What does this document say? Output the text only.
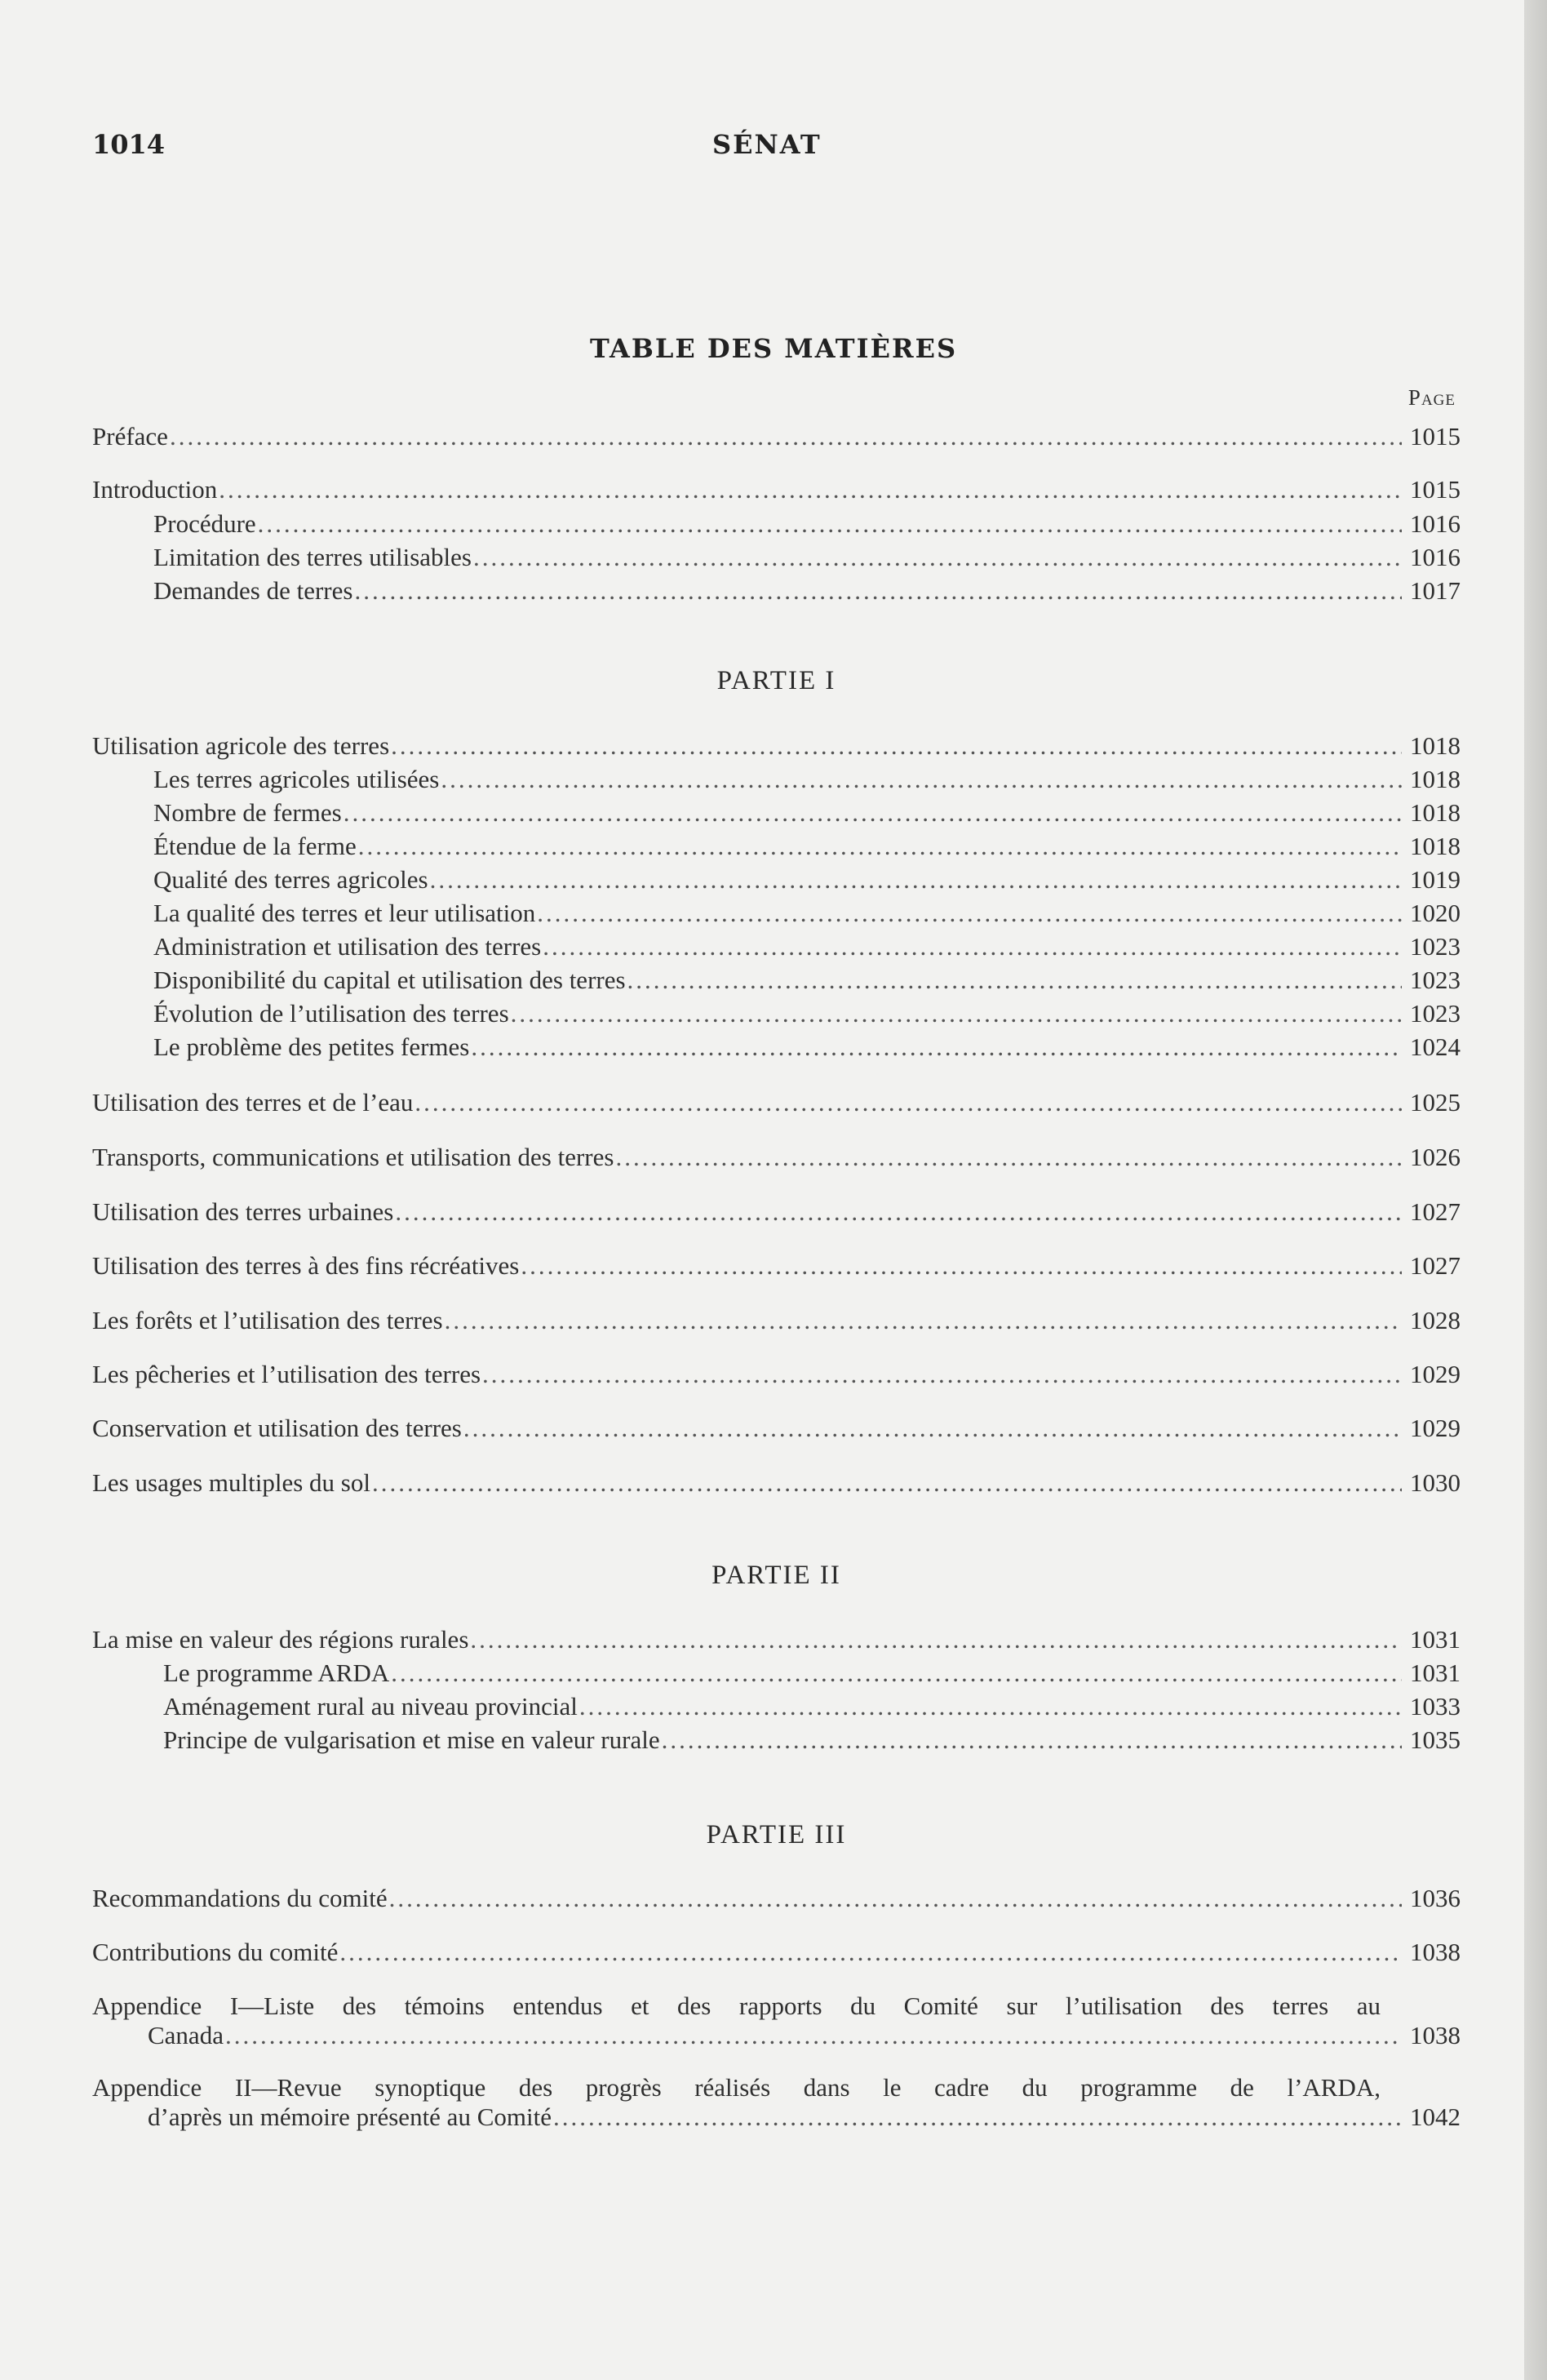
1014	SÉNAT
TABLE DES MATIÈRES
Page
Préface .....	1015
Introduction .....	1015
Procédure .....	1016
Limitation des terres utilisables .....	1016
Demandes de terres .....	1017
PARTIE I
Utilisation agricole des terres .....	1018
Les terres agricoles utilisées .....	1018
Nombre de fermes .....	1018
Étendue de la ferme .....	1018
Qualité des terres agricoles .....	1019
La qualité des terres et leur utilisation .....	1020
Administration et utilisation des terres .....	1023
Disponibilité du capital et utilisation des terres .....	1023
Évolution de l’utilisation des terres .....	1023
Le problème des petites fermes .....	1024
Utilisation des terres et de l’eau .....	1025
Transports, communications et utilisation des terres .....	1026
Utilisation des terres urbaines .....	1027
Utilisation des terres à des fins récréatives .....	1027
Les forêts et l’utilisation des terres .....	1028
Les pêcheries et l’utilisation des terres .....	1029
Conservation et utilisation des terres .....	1029
Les usages multiples du sol .....	1030
PARTIE II
La mise en valeur des régions rurales .....	1031
Le programme ARDA .....	1031
Aménagement rural au niveau provincial .....	1033
Principe de vulgarisation et mise en valeur rurale .....	1035
PARTIE III
Recommandations du comité .....	1036
Contributions du comité .....	1038
Appendice I—Liste des témoins entendus et des rapports du Comité sur l’utilisation des terres au
Canada .....	1038
Appendice II—Revue synoptique des progrès réalisés dans le cadre du programme de l’ARDA,
d’après un mémoire présenté au Comité .....	1042
